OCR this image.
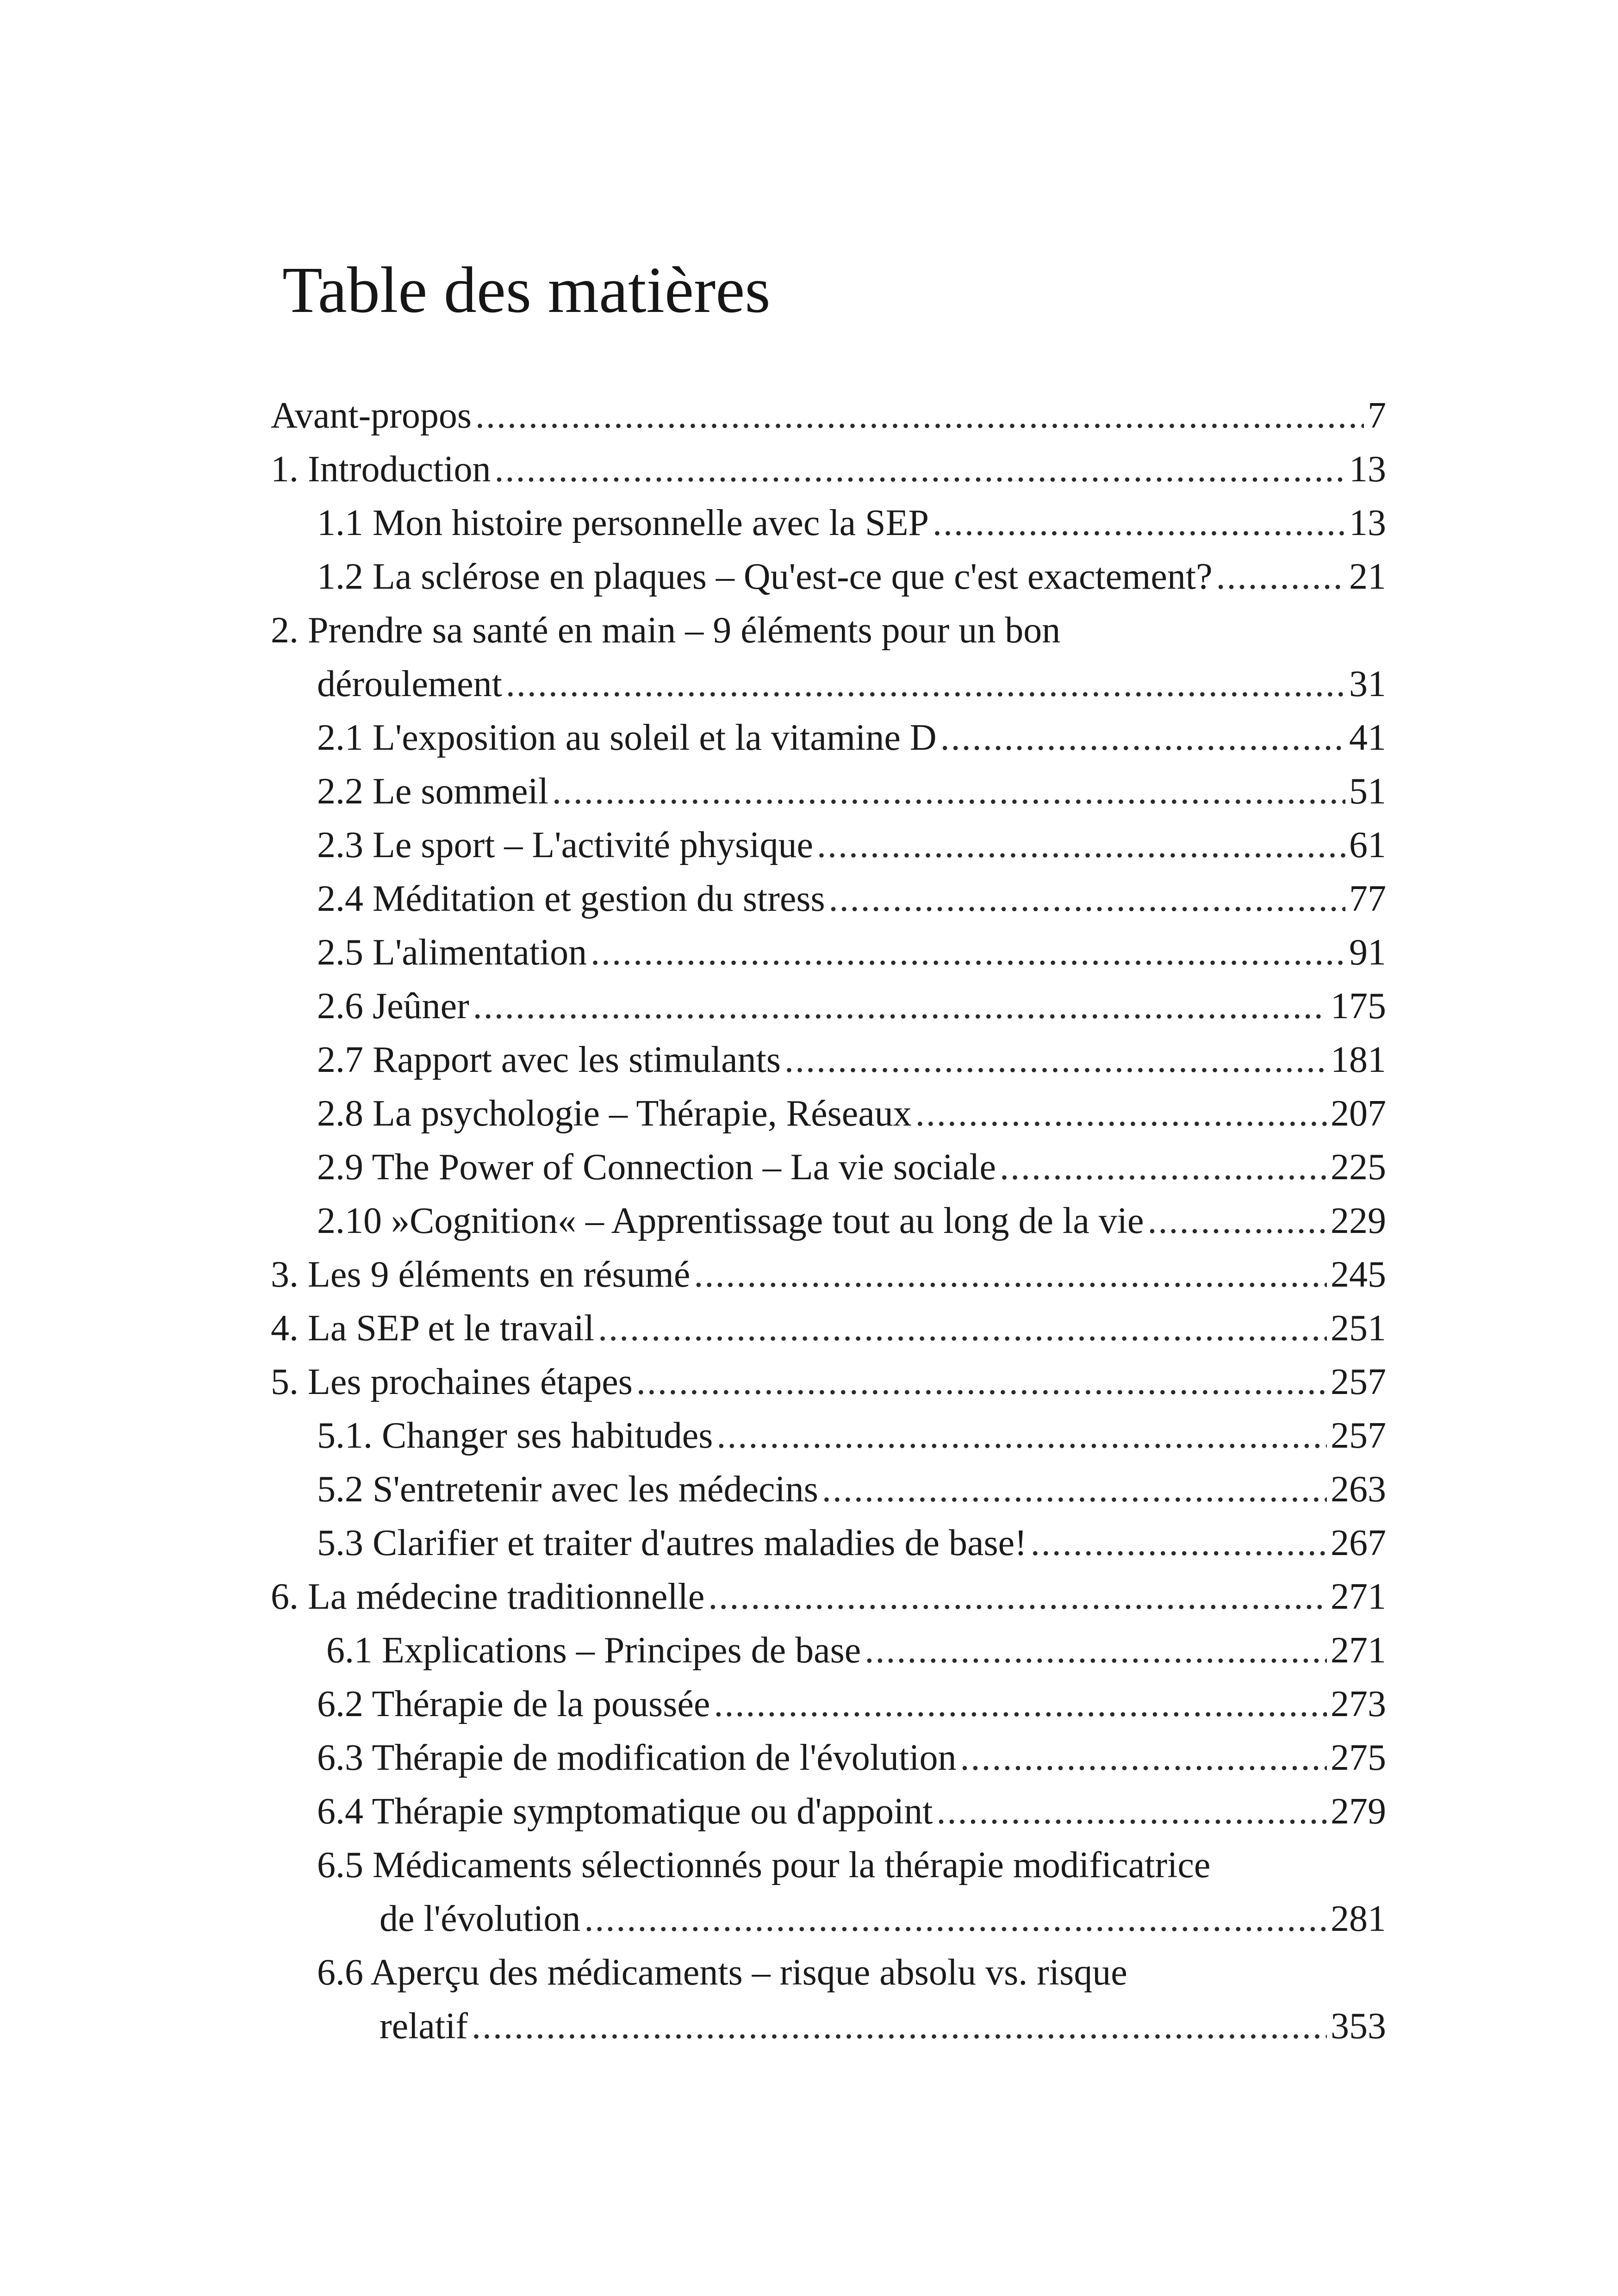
Table des matières
Avant-propos .....	7
1. Introduction .....	13
1.1 Mon histoire personnelle avec la SEP .....	13
1.2 La sclérose en plaques – Qu'est-ce que c'est exactement? .....	21
2. Prendre sa santé en main – 9 éléments pour un bon
déroulement .....	31
2.1 L'exposition au soleil et la vitamine D .....	41
2.2 Le sommeil .....	51
2.3 Le sport – L'activité physique .....	61
2.4 Méditation et gestion du stress .....	77
2.5 L'alimentation .....	91
2.6 Jeûner .....	175
2.7 Rapport avec les stimulants .....	181
2.8 La psychologie – Thérapie, Réseaux .....	207
2.9 The Power of Connection – La vie sociale .....	225
2.10 »Cognition« – Apprentissage tout au long de la vie .....	229
3. Les 9 éléments en résumé .....	245
4. La SEP et le travail .....	251
5. Les prochaines étapes .....	257
5.1. Changer ses habitudes .....	257
5.2 S'entretenir avec les médecins .....	263
5.3 Clarifier et traiter d'autres maladies de base! .....	267
6. La médecine traditionnelle .....	271
6.1 Explications – Principes de base .....	271
6.2 Thérapie de la poussée .....	273
6.3 Thérapie de modification de l'évolution .....	275
6.4 Thérapie symptomatique ou d'appoint .....	279
6.5 Médicaments sélectionnés pour la thérapie modificatrice
de l'évolution .....	281
6.6 Aperçu des médicaments – risque absolu vs. risque
relatif .....	353
